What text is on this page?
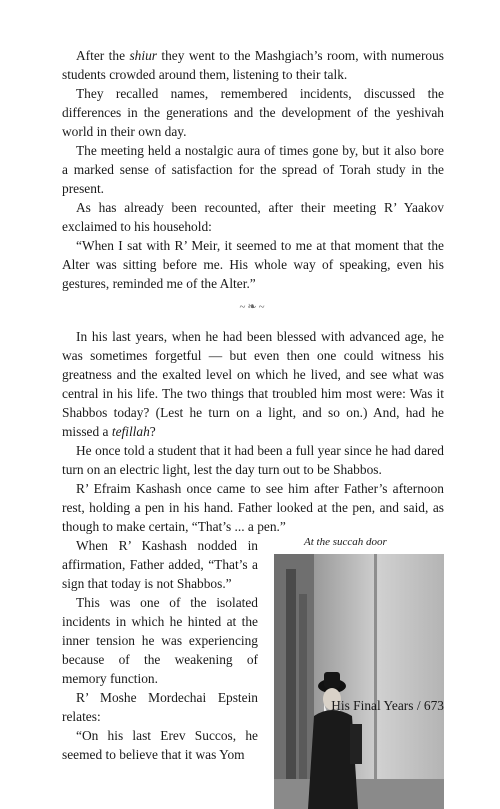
After the shiur they went to the Mashgiach’s room, with numerous students crowded around them, listening to their talk.

They recalled names, remembered incidents, discussed the differences in the generations and the development of the yeshivah world in their own day.

The meeting held a nostalgic aura of times gone by, but it also bore a marked sense of satisfaction for the spread of Torah study in the present.

As has already been recounted, after their meeting R’ Yaakov exclaimed to his household:

“When I sat with R’ Meir, it seemed to me at that moment that the Alter was sitting before me. His whole way of speaking, even his gestures, reminded me of the Alter.”

~❧~

In his last years, when he had been blessed with advanced age, he was sometimes forgetful — but even then one could witness his greatness and the exalted level on which he lived, and see what was central in his life. The two things that troubled him most were: Was it Shabbos today? (Lest he turn on a light, and so on.) And, had he missed a tefillah?

He once told a student that it had been a full year since he had dared turn on an electric light, lest the day turn out to be Shabbos.

R’ Efraim Kashash once came to see him after Father’s afternoon rest, holding a pen in his hand. Father looked at the pen, and said, as though to make certain, “That’s ... a pen.”

At the succah door

When R’ Kashash nodded in affirmation, Father added, “That’s a sign that today is not Shabbos.”

This was one of the isolated incidents in which he hinted at the inner tension he was experiencing because of the weakening of memory function.

R’ Moshe Mordechai Epstein relates:

“On his last Erev Succos, he seemed to believe that it was Yom

His Final Years / 673
